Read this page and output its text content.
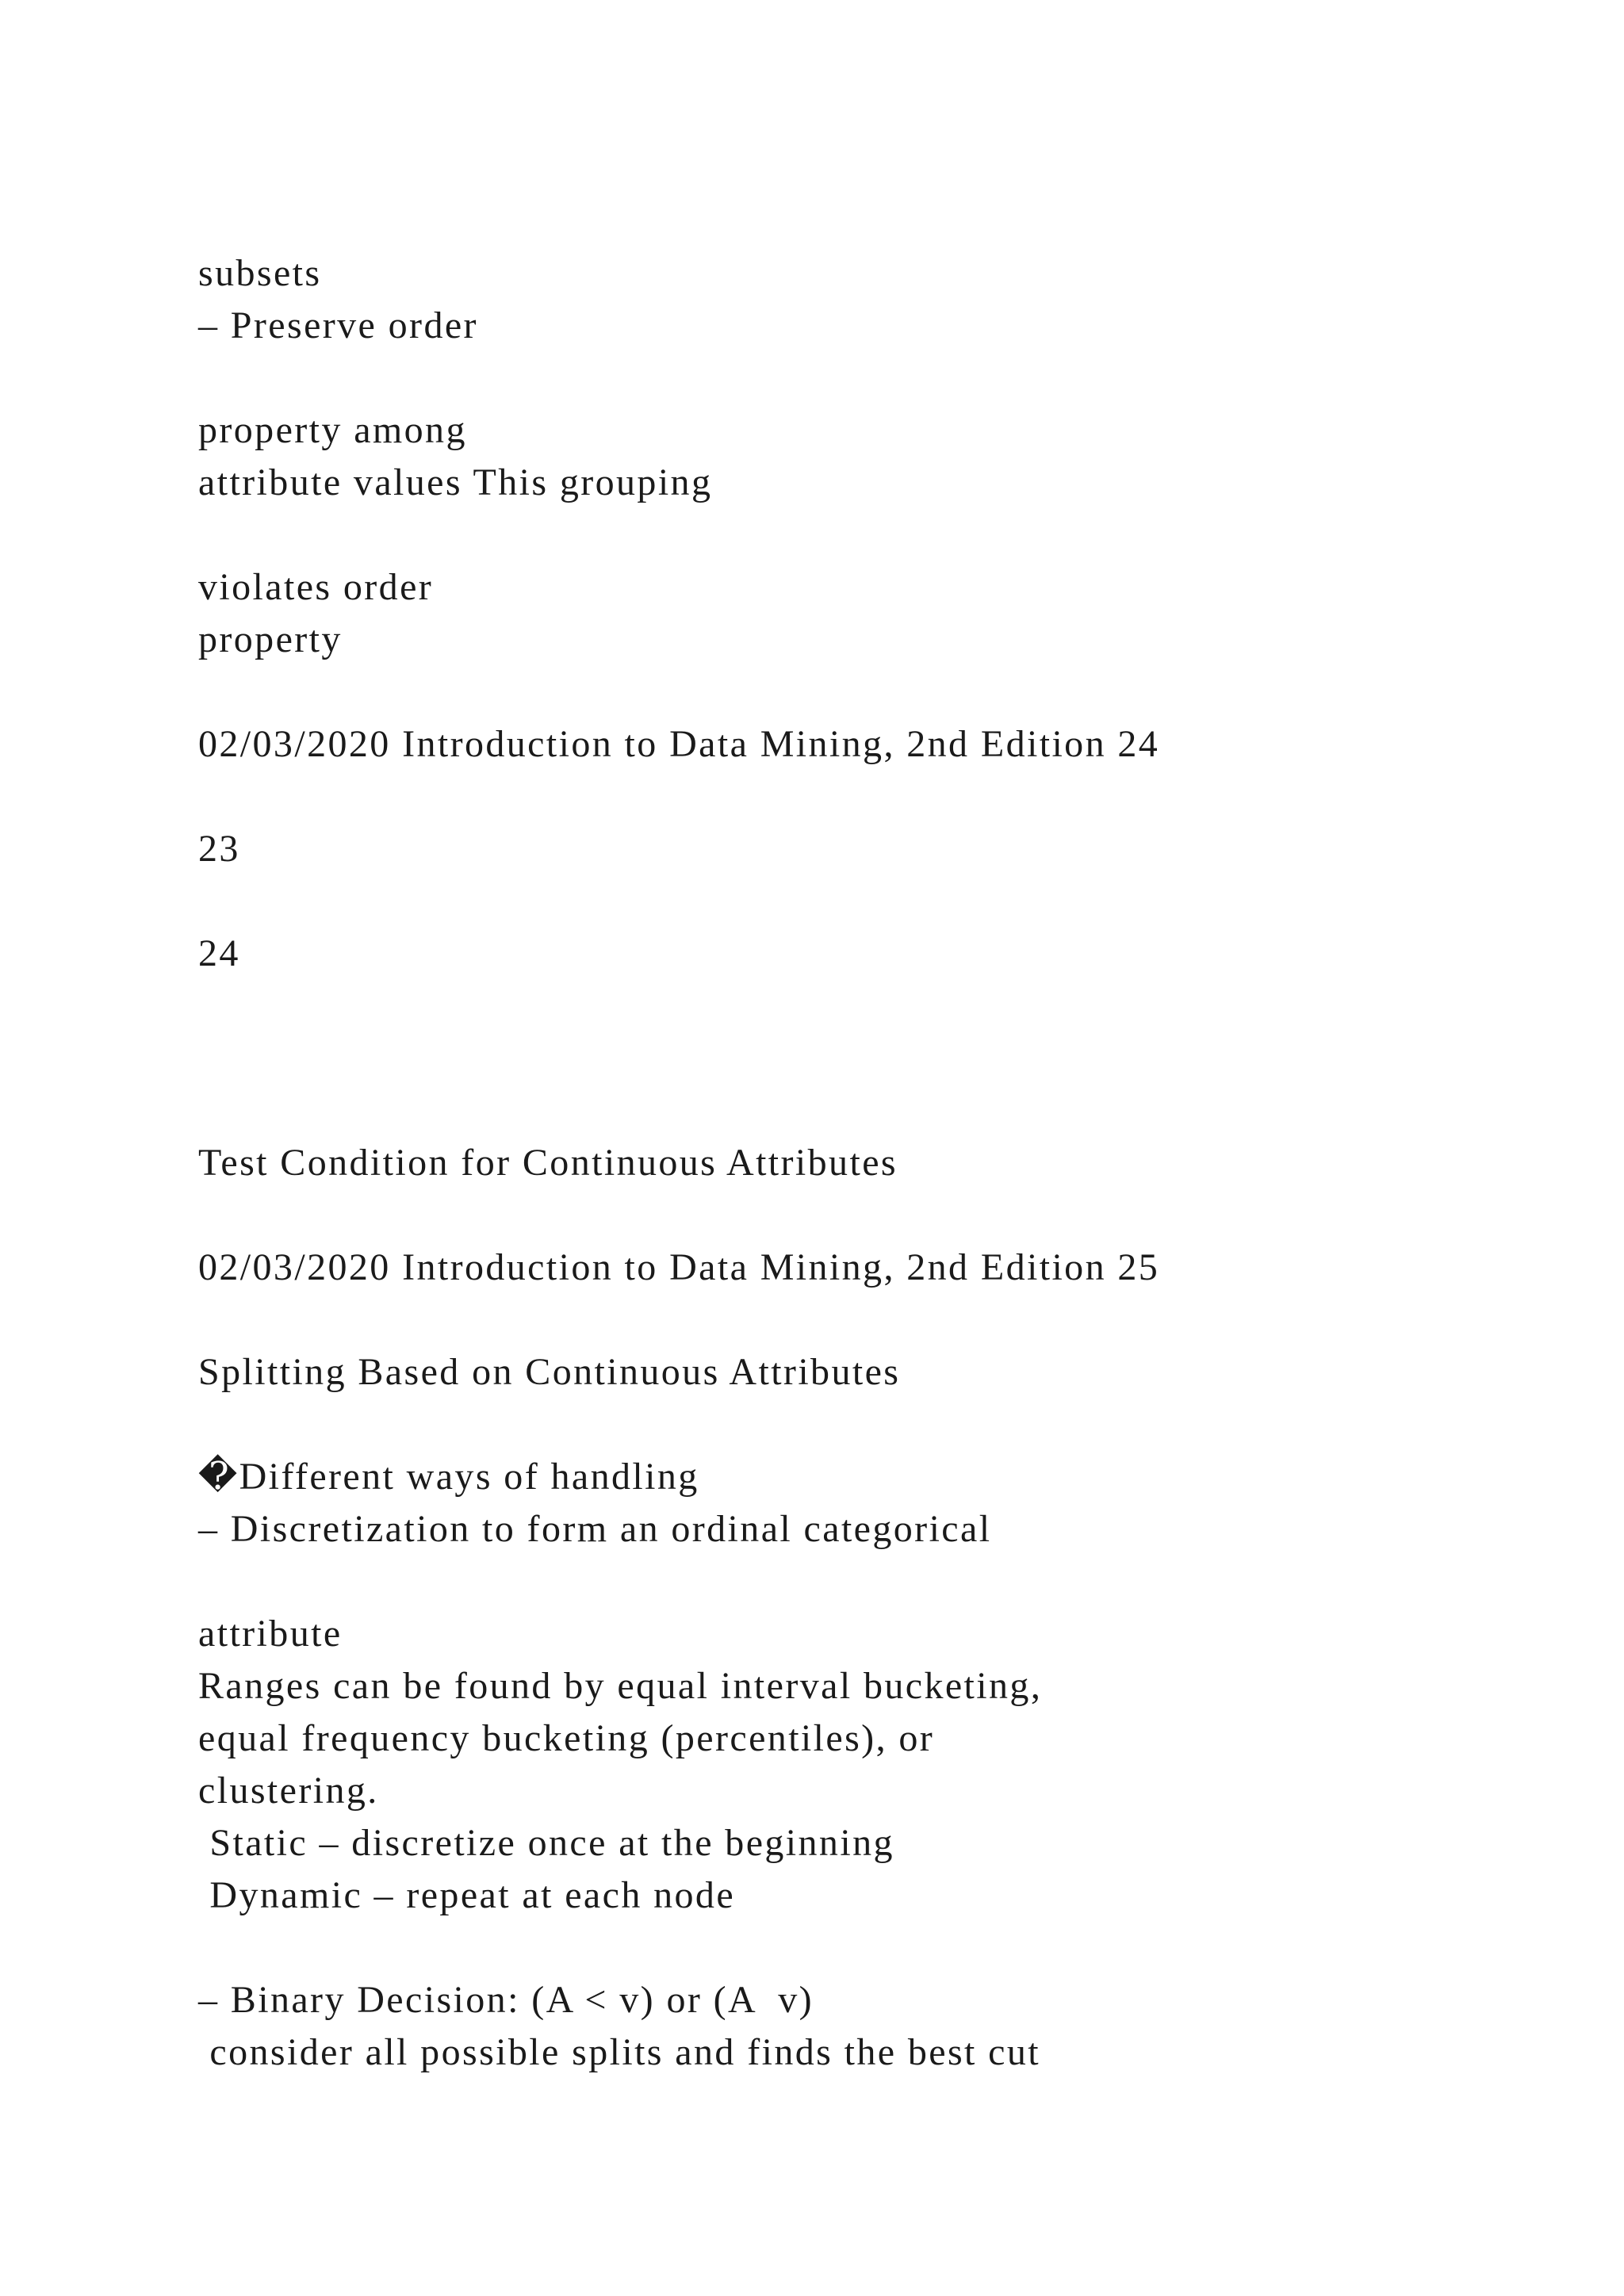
subsets
– Preserve order
property among
attribute values This grouping
violates order
property
02/03/2020 Introduction to Data Mining, 2nd Edition 24
23
24
Test Condition for Continuous Attributes
02/03/2020 Introduction to Data Mining, 2nd Edition 25
Splitting Based on Continuous Attributes
�Different ways of handling
– Discretization to form an ordinal categorical
attribute
Ranges can be found by equal interval bucketing,
equal frequency bucketing (percentiles), or
clustering.
Static – discretize once at the beginning
Dynamic – repeat at each node
– Binary Decision: (A < v) or (A  v)
consider all possible splits and finds the best cut
